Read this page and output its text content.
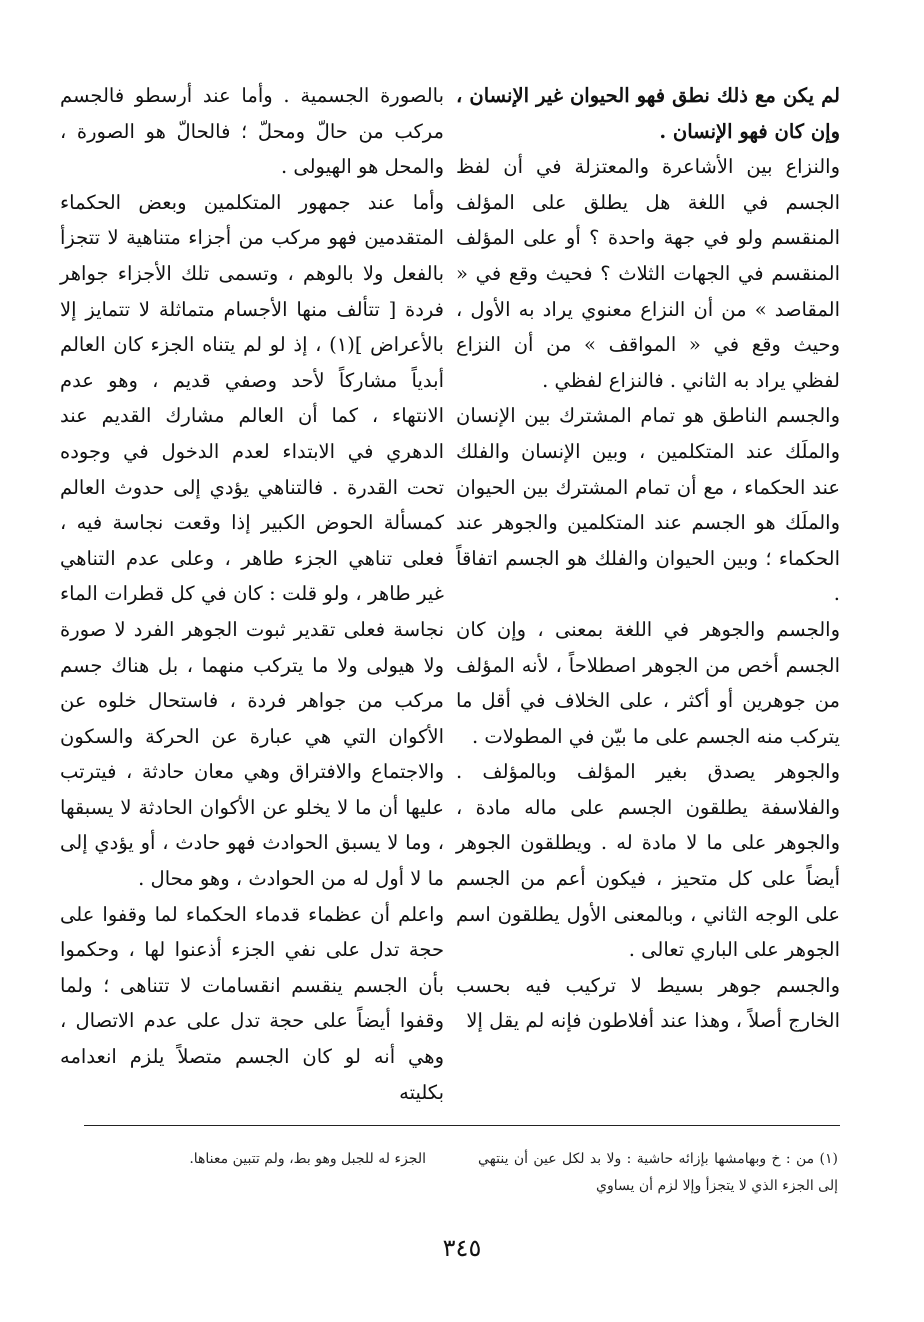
لم يكن مع ذلك نطق فهو الحيوان غير الإنسان ، وإن كان فهو الإنسان .

والنزاع بين الأشاعرة والمعتزلة في أن لفظ الجسم في اللغة هل يطلق على المؤلف المنقسم ولو في جهة واحدة ؟ أو على المؤلف المنقسم في الجهات الثلاث ؟ فحيث وقع في « المقاصد » من أن النزاع معنوي يراد به الأول ، وحيث وقع في « المواقف » من أن النزاع لفظي يراد به الثاني . فالنزاع لفظي .

والجسم الناطق هو تمام المشترك بين الإنسان والملَك عند المتكلمين ، وبين الإنسان والفلك عند الحكماء ، مع أن تمام المشترك بين الحيوان والملَك هو الجسم عند المتكلمين والجوهر عند الحكماء ؛ وبين الحيوان والفلك هو الجسم اتفاقاً .

والجسم والجوهر في اللغة بمعنى ، وإن كان الجسم أخص من الجوهر اصطلاحاً ، لأنه المؤلف من جوهرين أو أكثر ، على الخلاف في أقل ما يتركب منه الجسم على ما بيّن في المطولات .

والجوهر يصدق بغير المؤلف وبالمؤلف . والفلاسفة يطلقون الجسم على ماله مادة ، والجوهر على ما لا مادة له . ويطلقون الجوهر أيضاً على كل متحيز ، فيكون أعم من الجسم على الوجه الثاني ، وبالمعنى الأول يطلقون اسم الجوهر على الباري تعالى .

والجسم جوهر بسيط لا تركيب فيه بحسب الخارج أصلاً ، وهذا عند أفلاطون فإنه لم يقل إلا

بالصورة الجسمية . وأما عند أرسطو فالجسم مركب من حالّ ومحلّ ؛ فالحالّ هو الصورة ، والمحل هو الهيولى .

وأما عند جمهور المتكلمين وبعض الحكماء المتقدمين فهو مركب من أجزاء متناهية لا تتجزأ بالفعل ولا بالوهم ، وتسمى تلك الأجزاء جواهر فردة [ تتألف منها الأجسام متماثلة لا تتمايز إلا بالأعراض ](١) ، إذ لو لم يتناه الجزء كان العالم أبدياً مشاركاً لأحد وصفي قديم ، وهو عدم الانتهاء ، كما أن العالم مشارك القديم عند الدهري في الابتداء لعدم الدخول في وجوده تحت القدرة . فالتناهي يؤدي إلى حدوث العالم كمسألة الحوض الكبير إذا وقعت نجاسة فيه ، فعلى تناهي الجزء طاهر ، وعلى عدم التناهي غير طاهر ، ولو قلت : كان في كل قطرات الماء نجاسة فعلى تقدير ثبوت الجوهر الفرد لا صورة ولا هيولى ولا ما يتركب منهما ، بل هناك جسم مركب من جواهر فردة ، فاستحال خلوه عن الأكوان التي هي عبارة عن الحركة والسكون والاجتماع والافتراق وهي معان حادثة ، فيترتب عليها أن ما لا يخلو عن الأكوان الحادثة لا يسبقها ، وما لا يسبق الحوادث فهو حادث ، أو يؤدي إلى ما لا أول له من الحوادث ، وهو محال .

واعلم أن عظماء قدماء الحكماء لما وقفوا على حجة تدل على نفي الجزء أذعنوا لها ، وحكموا بأن الجسم ينقسم انقسامات لا تتناهى ؛ ولما وقفوا أيضاً على حجة تدل على عدم الاتصال ، وهي أنه لو كان الجسم متصلاً يلزم انعدامه بكليته

(١) من : خ وبهامشها بإزائه حاشية : ولا بد لكل عين أن ينتهي إلى الجزء الذي لا يتجزأ وإلا لزم أن يساوي
الجزء له للجبل وهو بط، ولم تتبين معناها.
٣٤٥
